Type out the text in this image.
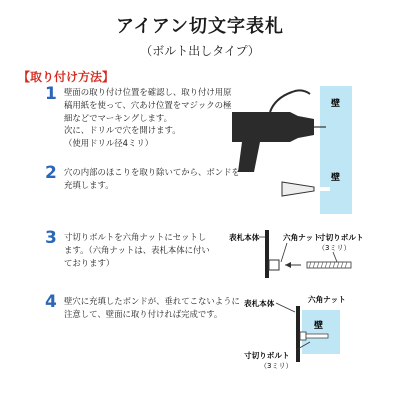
アイアン切文字表札
（ボルト出しタイプ）
【取り付け方法】
1 壁面の取り付け位置を確認し、取り付け用原
稿用紙を使って、穴あけ位置をマジックの極
細などでマーキングします。
次に、ドリルで穴を開けます。
（使用ドリル径4ミリ）
壁
2 穴の内部のほこりを取り除いてから、ボンドを
充填します。
壁
3 寸切りボルトを六角ナットにセットし
ます。（六角ナットは、表札本体に付い
ております）
表札本体	六角ナット
寸切りボルト
（3ミリ）
4 壁穴に充填したボンドが、垂れてこないように
注意して、壁面に取り付ければ完成です。
壁
表札本体	六角ナット
寸切りボルト
（3ミリ）
